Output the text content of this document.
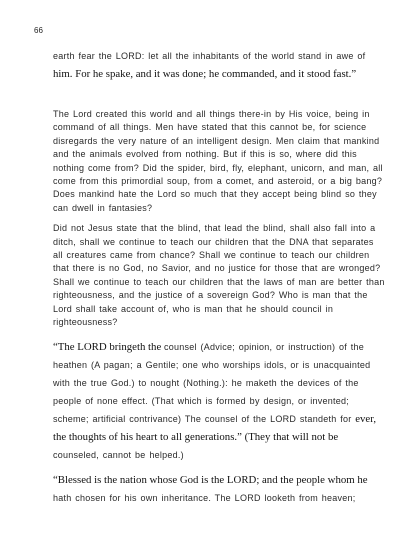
66

earth fear the LORD: let all the inhabitants of the world stand in awe of him. For he spake, and it was done; he commanded, and it stood fast.”

The Lord created this world and all things there-in by His voice, being in command of all things. Men have stated that this cannot be, for science disregards the very nature of an intelligent design. Men claim that mankind and the animals evolved from nothing. But if this is so, where did this nothing come from? Did the spider, bird, fly, elephant, unicorn, and man, all come from this primordial soup, from a comet, and asteroid, or a big bang? Does mankind hate the Lord so much that they accept being blind so they can dwell in fantasies?

Did not Jesus state that the blind, that lead the blind, shall also fall into a ditch, shall we continue to teach our children that the DNA that separates all creatures came from chance? Shall we continue to teach our children that there is no God, no Savior, and no justice for those that are wronged? Shall we continue to teach our children that the laws of man are better than righteousness, and the justice of a sovereign God? Who is man that the Lord shall take account of, who is man that he should council in righteousness?

“The LORD bringeth the counsel (Advice; opinion, or instruction) of the heathen (A pagan; a Gentile; one who worships idols, or is unacquainted with the true God.) to nought (Nothing.): he maketh the devices of the people of none effect. (That which is formed by design, or invented; scheme; artificial contrivance) The counsel of the LORD standeth for ever, the thoughts of his heart to all generations.” (They that will not be counseled, cannot be helped.)

“Blessed is the nation whose God is the LORD; and the people whom he hath chosen for his own inheritance. The LORD looketh from heaven;
